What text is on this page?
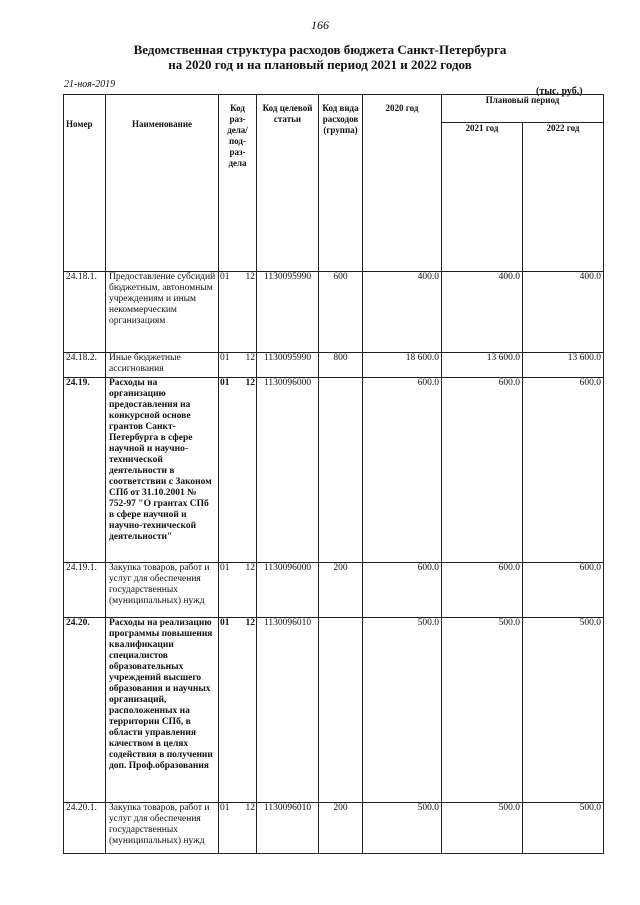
166
Ведомственная структура расходов бюджета Санкт-Петербурга
на 2020 год и на плановый период 2021 и 2022 годов
21-ноя-2019
(тыс. руб.)
Номер	Наименование	Код раз- дела/ под- раз- дела	Код целевой статьи	Код вида расходов (группа)	2020 год	Плановый период	
						2021 год	2022 год

24.18.1.	Предоставление субсидий бюджетным, автономным учреждениям и иным некоммерческим организациям	01 12	1130095990	600	400.0	400.0	400.0
24.18.2.	Иные бюджетные ассигнования	01 12	1130095990	800	18 600.0	13 600.0	13 600.0
24.19.	Расходы на организацию предоставления на конкурсной основе грантов Санкт-Петербурга в сфере научной и научно-технической деятельности в соответствии с Законом СПб от 31.10.2001 № 752-97 "О грантах СПб в сфере научной и научно-технической деятельности"	01 12	1130096000		600.0	600.0	600.0
24.19.1.	Закупка товаров, работ и услуг для обеспечения государственных (муниципальных) нужд	01 12	1130096000	200	600.0	600.0	600.0
24.20.	Расходы на реализацию программы повышения квалификации специалистов образовательных учреждений высшего образования и научных организаций, расположенных на территории СПб, в области управления качеством в целях содействия в получении доп. Проф.образования	01 12	1130096010		500.0	500.0	500.0
24.20.1.	Закупка товаров, работ и услуг для обеспечения государственных (муниципальных) нужд	01 12	1130096010	200	500.0	500.0	500.0
